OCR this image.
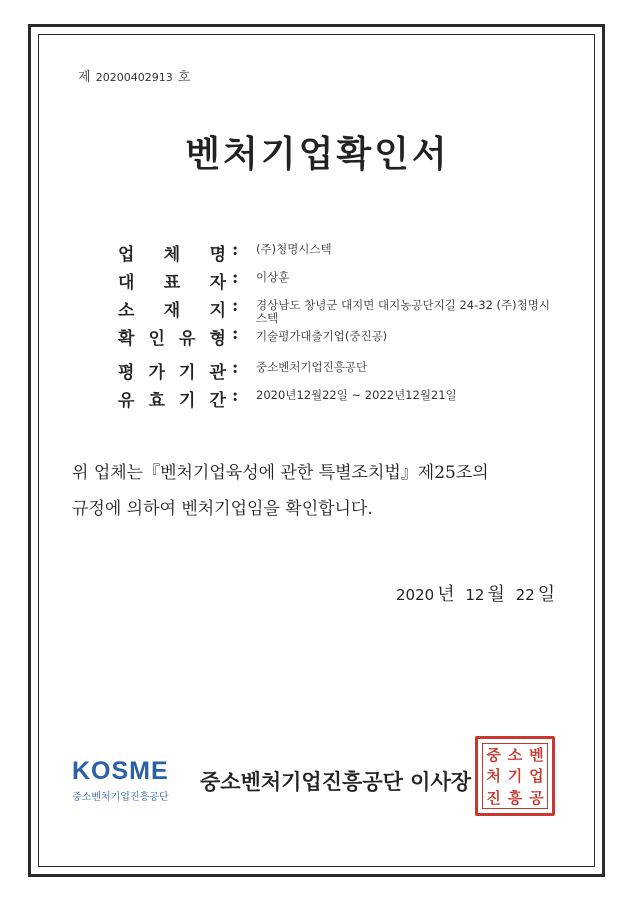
제 20200402913 호
벤처기업확인서
업 체 명 : (주)청명시스텍
대 표 자 : 이상훈
소 재 지 : 경상남도 창녕군 대지면 대지농공단지길 24-32 (주)청명시스텍
확 인 유 형 : 기술평가대출기업(중진공)
평 가 기 관 : 중소벤처기업진흥공단
유 효 기 간 : 2020년12월22일 ~ 2022년12월21일
위 업체는『벤처기업육성에 관한 특별조치법』제25조의
규정에 의하여 벤처기업임을 확인합니다.
2020 년 12 월 22 일
KOSME
중소벤처기업진흥공단
중소벤처기업진흥공단 이사장
중 소 벤
처 기 업
진 흥 공
